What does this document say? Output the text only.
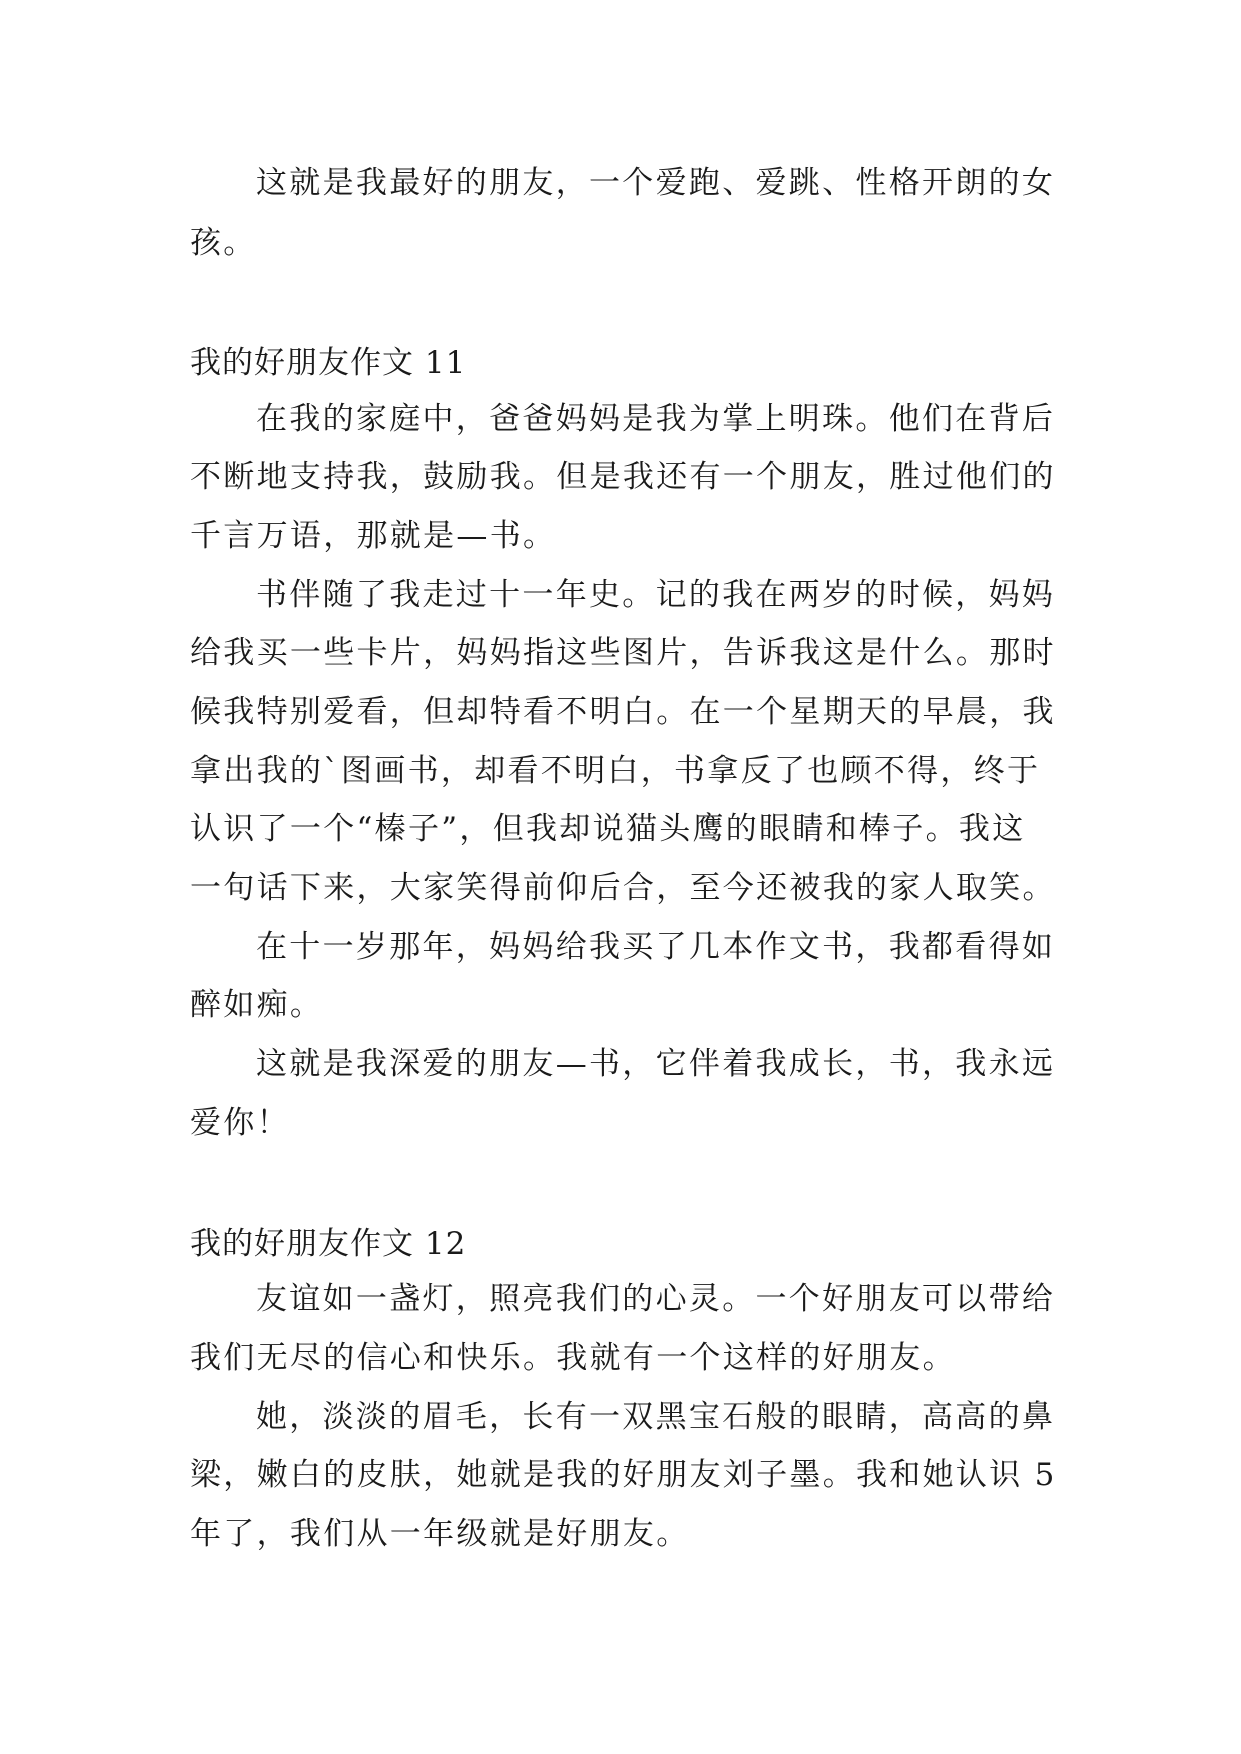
这就是我最好的朋友，一个爱跑、爱跳、性格开朗的女
孩。
我的好朋友作文 11
在我的家庭中，爸爸妈妈是我为掌上明珠。他们在背后
不断地支持我，鼓励我。但是我还有一个朋友，胜过他们的
千言万语，那就是—书。
书伴随了我走过十一年史。记的我在两岁的时候，妈妈
给我买一些卡片，妈妈指这些图片，告诉我这是什么。那时
候我特别爱看，但却特看不明白。在一个星期天的早晨，我
拿出我的`图画书，却看不明白，书拿反了也顾不得，终于
认识了一个“榛子”，但我却说猫头鹰的眼睛和棒子。我这
一句话下来，大家笑得前仰后合，至今还被我的家人取笑。
在十一岁那年，妈妈给我买了几本作文书，我都看得如
醉如痴。
这就是我深爱的朋友—书，它伴着我成长，书，我永远
爱你！
我的好朋友作文 12
友谊如一盏灯，照亮我们的心灵。一个好朋友可以带给
我们无尽的信心和快乐。我就有一个这样的好朋友。
她，淡淡的眉毛，长有一双黑宝石般的眼睛，高高的鼻
梁，嫩白的皮肤，她就是我的好朋友刘子墨。我和她认识 5
年了，我们从一年级就是好朋友。
